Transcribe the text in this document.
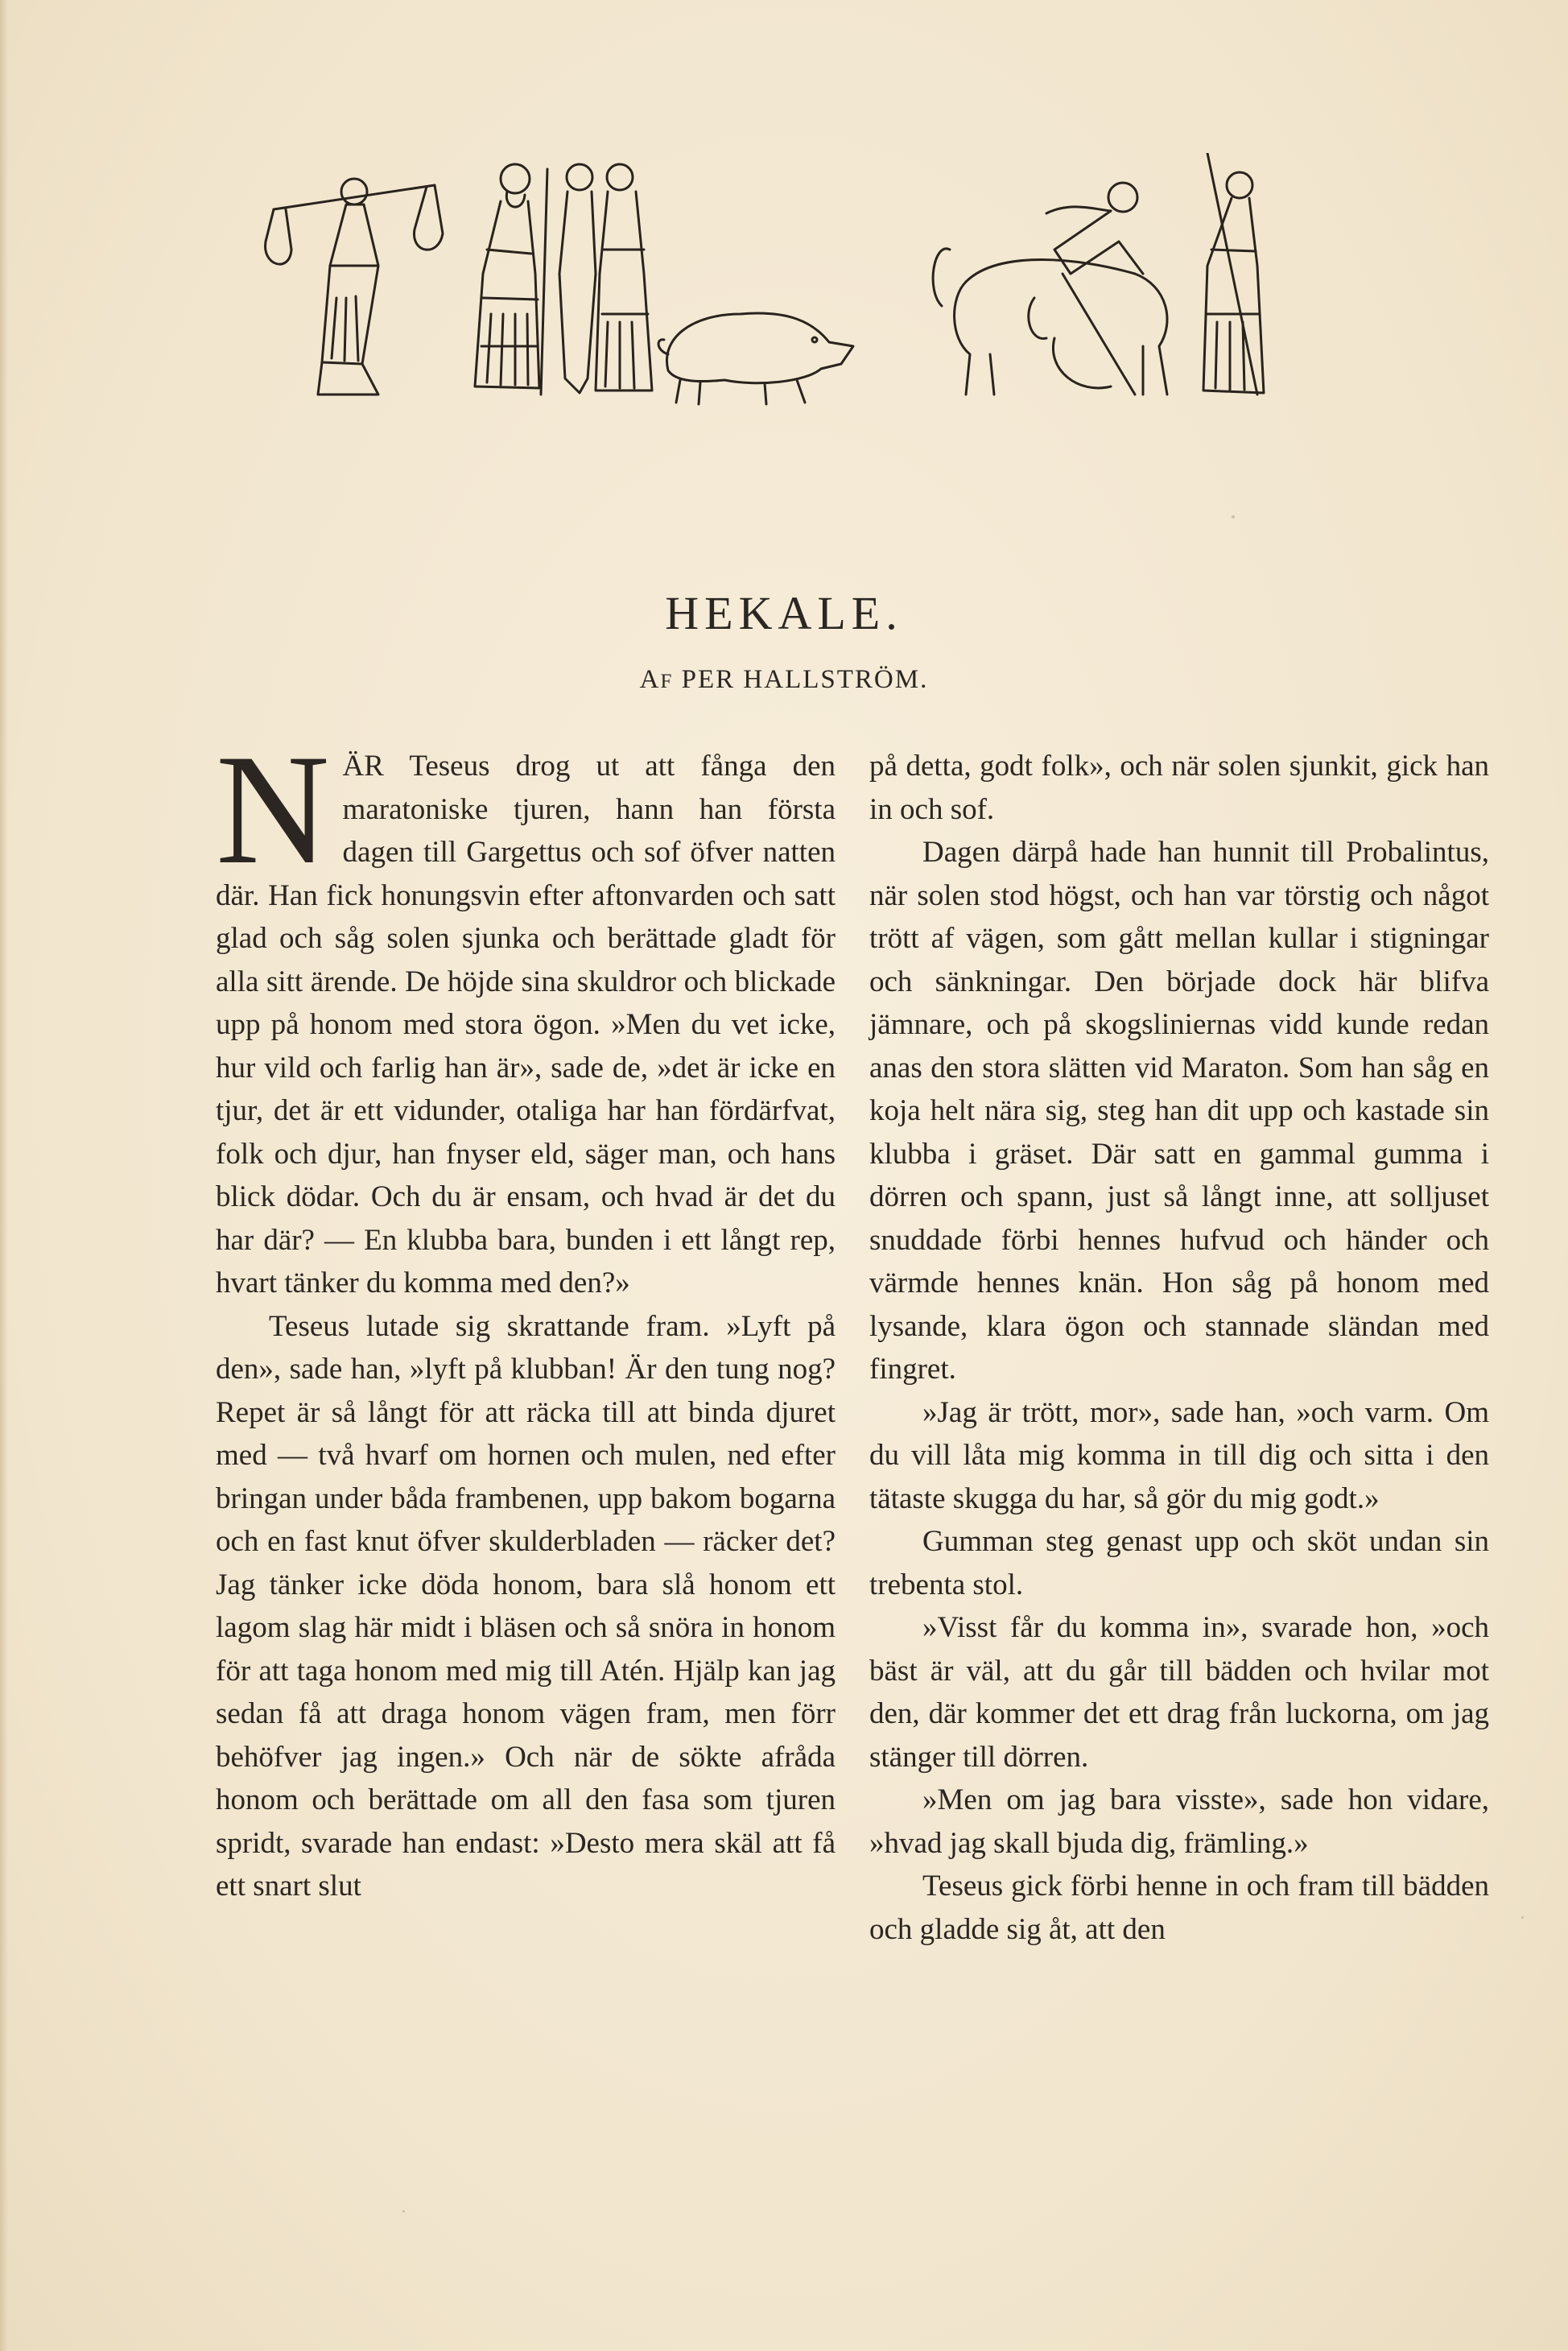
HEKALE.
AF PER HALLSTRÖM.

NÄR Teseus drog ut att fånga den maratoniske tjuren, hann han första dagen till Gargettus och sof öfver natten där. Han fick honungsvin efter aftonvarden och satt glad och såg solen sjunka och berättade gladt för alla sitt ärende. De höjde sina skuldror och blickade upp på honom med stora ögon. »Men du vet icke, hur vild och farlig han är», sade de, »det är icke en tjur, det är ett vidunder, otaliga har han fördärfvat, folk och djur, han fnyser eld, säger man, och hans blick dödar. Och du är ensam, och hvad är det du har där? — En klubba bara, bunden i ett långt rep, hvart tänker du komma med den?»

Teseus lutade sig skrattande fram. »Lyft på den», sade han, »lyft på klubban! Är den tung nog? Repet är så långt för att räcka till att binda djuret med — två hvarf om hornen och mulen, ned efter bringan under båda frambenen, upp bakom bogarna och en fast knut öfver skulderbladen — räcker det? Jag tänker icke döda honom, bara slå honom ett lagom slag här midt i bläsen och så snöra in honom för att taga honom med mig till Atén. Hjälp kan jag sedan få att draga honom vägen fram, men förr behöfver jag ingen.» Och när de sökte afråda honom och berättade om all den fasa som tjuren spridt, svarade han endast: »Desto mera skäl att få ett snart slut

på detta, godt folk», och när solen sjunkit, gick han in och sof.

Dagen därpå hade han hunnit till Probalintus, när solen stod högst, och han var törstig och något trött af vägen, som gått mellan kullar i stigningar och sänkningar. Den började dock här blifva jämnare, och på skogsliniernas vidd kunde redan anas den stora slätten vid Maraton. Som han såg en koja helt nära sig, steg han dit upp och kastade sin klubba i gräset. Där satt en gammal gumma i dörren och spann, just så långt inne, att solljuset snuddade förbi hennes hufvud och händer och värmde hennes knän. Hon såg på honom med lysande, klara ögon och stannade sländan med fingret.

»Jag är trött, mor», sade han, »och varm. Om du vill låta mig komma in till dig och sitta i den tätaste skugga du har, så gör du mig godt.»

Gumman steg genast upp och sköt undan sin trebenta stol.

»Visst får du komma in», svarade hon, »och bäst är väl, att du går till bädden och hvilar mot den, där kommer det ett drag från luckorna, om jag stänger till dörren.

»Men om jag bara visste», sade hon vidare, »hvad jag skall bjuda dig, främling.»

Teseus gick förbi henne in och fram till bädden och gladde sig åt, att den
